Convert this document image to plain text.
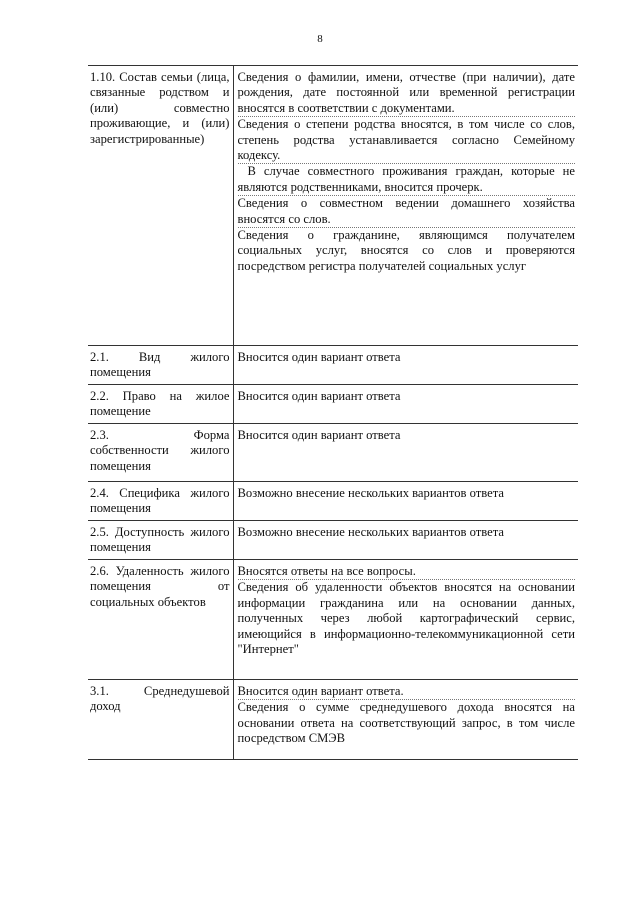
8
1.10. Состав семьи (лица, связанные родством и (или) совместно проживающие, и (или) зарегистрированные)	Сведения о фамилии, имени, отчестве (при наличии), дате рождения, дате постоянной или временной регистрации вносятся в соответствии с документами.
Сведения о степени родства вносятся, в том числе со слов, степень родства устанавливается согласно Семейному кодексу.
В случае совместного проживания граждан, которые не являются родственниками, вносится прочерк.
Сведения о совместном ведении домашнего хозяйства вносятся со слов.
Сведения о гражданине, являющимся получателем социальных услуг, вносятся со слов и проверяются посредством регистра получателей социальных услуг

2.1. Вид жилого помещения	Вносится один вариант ответа

2.2. Право на жилое помещение	Вносится один вариант ответа

2.3. Форма собственности жилого помещения	Вносится один вариант ответа

2.4. Специфика жилого помещения	Возможно внесение нескольких вариантов ответа

2.5. Доступность жилого помещения	Возможно внесение нескольких вариантов ответа

2.6. Удаленность жилого помещения от социальных объектов	Вносятся ответы на все вопросы.
Сведения об удаленности объектов вносятся на основании информации гражданина или на основании данных, полученных через любой картографический сервис, имеющийся в информационно-телекоммуникационной сети "Интернет"

3.1. Среднедушевой доход	Вносится один вариант ответа.
Сведения о сумме среднедушевого дохода вносятся на основании ответа на соответствующий запрос, в том числе посредством СМЭВ
